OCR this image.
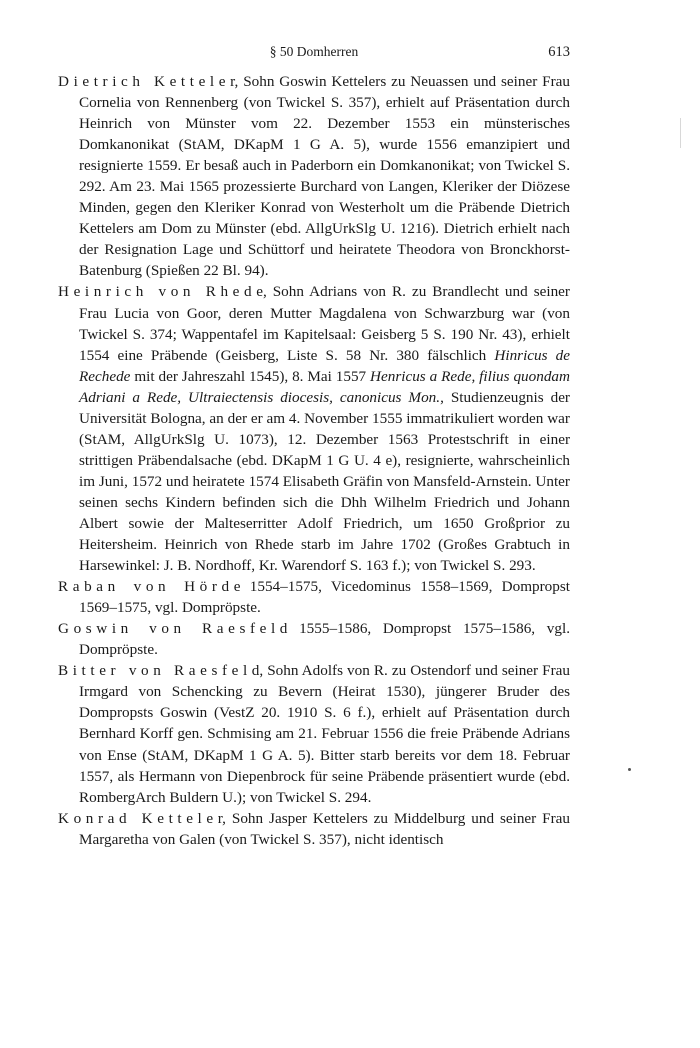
§ 50 Domherren	613

Dietrich Ketteler, Sohn Goswin Kettelers zu Neuassen und seiner Frau Cornelia von Rennenberg (von Twickel S. 357), erhielt auf Präsentation durch Heinrich von Münster vom 22. Dezember 1553 ein münsterisches Domkanonikat (StAM, DKapM 1 G A. 5), wurde 1556 emanzipiert und resignierte 1559. Er besaß auch in Paderborn ein Domkanonikat; von Twickel S. 292. Am 23. Mai 1565 prozessierte Burchard von Langen, Kleriker der Diözese Minden, gegen den Kleriker Konrad von Westerholt um die Präbende Dietrich Kettelers am Dom zu Münster (ebd. AllgUrkSlg U. 1216). Dietrich erhielt nach der Resignation Lage und Schüttorf und heiratete Theodora von Bronckhorst-Batenburg (Spießen 22 Bl. 94).

Heinrich von Rhede, Sohn Adrians von R. zu Brandlecht und seiner Frau Lucia von Goor, deren Mutter Magdalena von Schwarzburg war (von Twickel S. 374; Wappentafel im Kapitelsaal: Geisberg 5 S. 190 Nr. 43), erhielt 1554 eine Präbende (Geisberg, Liste S. 58 Nr. 380 fälschlich Hinricus de Rechede mit der Jahreszahl 1545), 8. Mai 1557 Henricus a Rede, filius quondam Adriani a Rede, Ultraiectensis diocesis, canonicus Mon., Studienzeugnis der Universität Bologna, an der er am 4. November 1555 immatrikuliert worden war (StAM, AllgUrkSlg U. 1073), 12. Dezember 1563 Protestschrift in einer strittigen Präbendalsache (ebd. DKapM 1 G U. 4 e), resignierte, wahrscheinlich im Juni, 1572 und heiratete 1574 Elisabeth Gräfin von Mansfeld-Arnstein. Unter seinen sechs Kindern befinden sich die Dhh Wilhelm Friedrich und Johann Albert sowie der Malteserritter Adolf Friedrich, um 1650 Großprior zu Heitersheim. Heinrich von Rhede starb im Jahre 1702 (Großes Grabtuch in Harsewinkel: J. B. Nordhoff, Kr. Warendorf S. 163 f.); von Twickel S. 293.

Raban von Hörde 1554–1575, Vicedominus 1558–1569, Dompropst 1569–1575, vgl. Dompröpste.

Goswin von Raesfeld 1555–1586, Dompropst 1575–1586, vgl. Dompröpste.

Bitter von Raesfeld, Sohn Adolfs von R. zu Ostendorf und seiner Frau Irmgard von Schencking zu Bevern (Heirat 1530), jüngerer Bruder des Dompropsts Goswin (VestZ 20. 1910 S. 6 f.), erhielt auf Präsentation durch Bernhard Korff gen. Schmising am 21. Februar 1556 die freie Präbende Adrians von Ense (StAM, DKapM 1 G A. 5). Bitter starb bereits vor dem 18. Februar 1557, als Hermann von Diepenbrock für seine Präbende präsentiert wurde (ebd. RombergArch Buldern U.); von Twickel S. 294.

Konrad Ketteler, Sohn Jasper Kettelers zu Middelburg und seiner Frau Margaretha von Galen (von Twickel S. 357), nicht identisch
